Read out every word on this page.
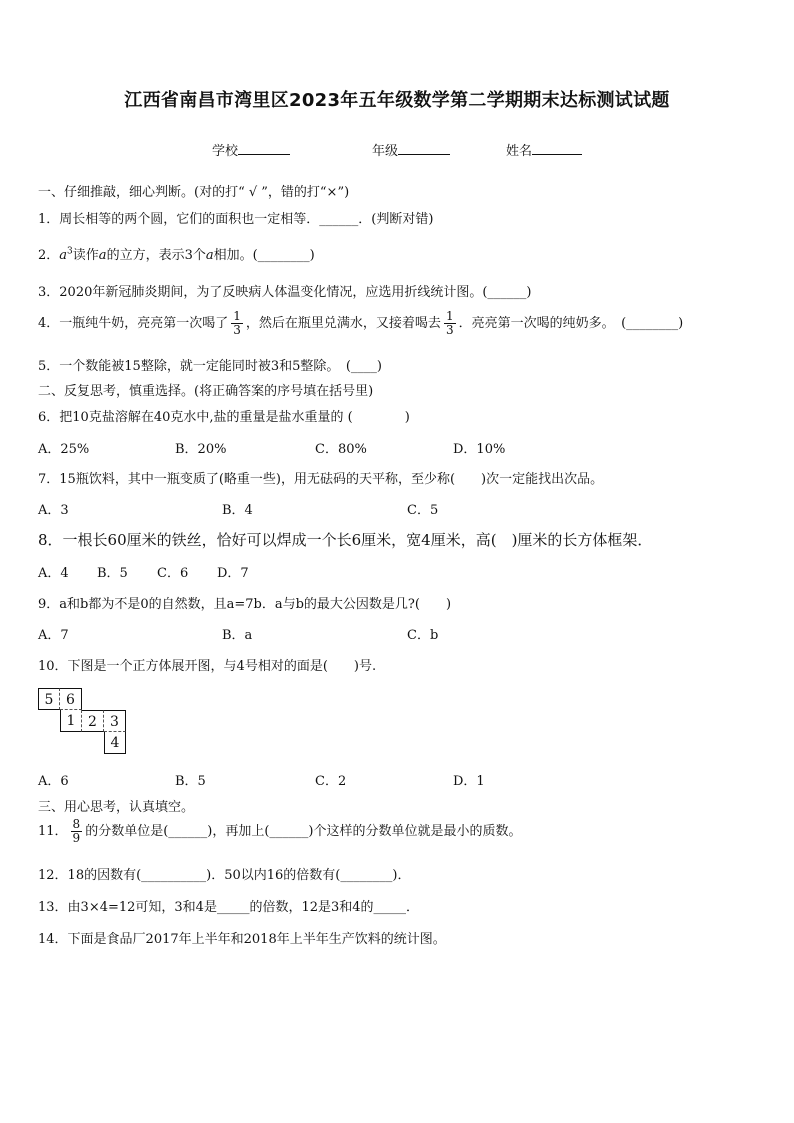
江西省南昌市湾里区2023年五年级数学第二学期期末达标测试试题
学校	年级	姓名
一、仔细推敲，细心判断。(对的打“ √ ”，错的打“×”)
1．周长相等的两个圆，它们的面积也一定相等．______．(判断对错)
2．$a^3$读作a的立方，表示3个a相加。(________)
3．2020年新冠肺炎期间，为了反映病人体温变化情况，应选用折线统计图。(______)
4．一瓶纯牛奶，亮亮第一次喝了 $\frac{1}{3}$ ，然后在瓶里兑满水，又接着喝去 $\frac{1}{3}$ ．亮亮第一次喝的纯奶多。　(________)
5．一个数能被15整除，就一定能同时被3和5整除。　(____)
二、反复思考，慎重选择。(将正确答案的序号填在括号里)
6．把10克盐溶解在40克水中,盐的重量是盐水重量的 (　　　　)
A．25%	B．20%	C．80%	D．10%
7．15瓶饮料，其中一瓶变质了(略重一些)，用无砝码的天平称，至少称(　　)次一定能找出次品。
A．3	B．4	C．5
8．一根长60厘米的铁丝，恰好可以焊成一个长6厘米，宽4厘米，高(　)厘米的长方体框架．
A．4 B．5 C．6 D．7
9．a和b都为不是0的自然数，且a=7b．a与b的最大公因数是几?(　　)
A．7	B．a	C．b
10．下图是一个正方体展开图，与4号相对的面是(　　)号.
5 6
1 2 3
4
A．6	B．5	C．2	D．1
三、用心思考，认真填空。
11． $\frac{8}{9}$ 的分数单位是(______)，再加上(______)个这样的分数单位就是最小的质数。
12．18的因数有(__________)．50以内16的倍数有(________)．
13．由3×4=12可知，3和4是_____的倍数，12是3和4的_____．
14．下面是食品厂2017年上半年和2018年上半年生产饮料的统计图。
